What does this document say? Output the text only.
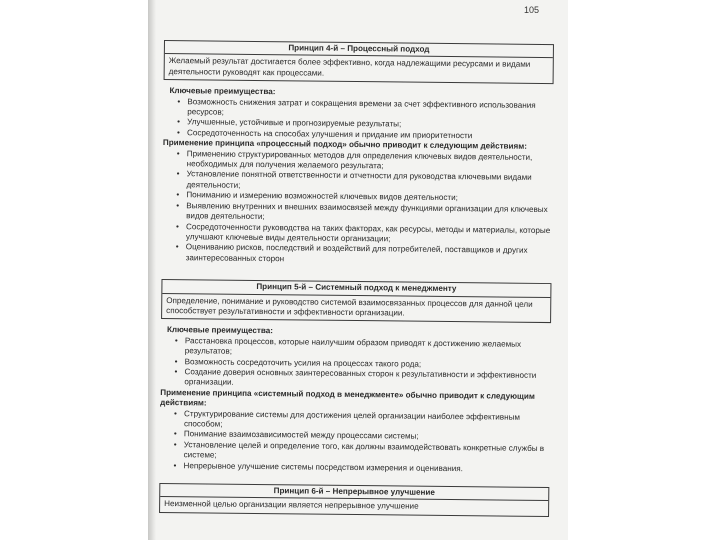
105
Принцип 4-й – Процессный подход
Желаемый результат достигается более эффективно, когда надлежащими ресурсами и видами деятельности руководят как процессами.
Ключевые преимущества:
• Возможность снижения затрат и сокращения времени за счет эффективного использования ресурсов;
• Улучшенные, устойчивые и прогнозируемые результаты;
• Сосредоточенность на способах улучшения и придание им приоритетности
Применение принципа «процессный подход» обычно приводит к следующим действиям:
• Применению структурированных методов для определения ключевых видов деятельности, необходимых для получения желаемого результата;
• Установление понятной ответственности и отчетности для руководства ключевыми видами деятельности;
• Пониманию и измерению возможностей ключевых видов деятельности;
• Выявлению внутренних и внешних взаимосвязей между функциями организации для ключевых видов деятельности;
• Сосредоточенности руководства на таких факторах, как ресурсы, методы и материалы, которые улучшают ключевые виды деятельности организации;
• Оцениванию рисков, последствий и воздействий для потребителей, поставщиков и других заинтересованных сторон
Принцип 5-й – Системный подход к менеджменту
Определение, понимание и руководство системой взаимосвязанных процессов для данной цели способствует результативности и эффективности организации.
Ключевые преимущества:
• Расстановка процессов, которые наилучшим образом приводят к достижению желаемых результатов;
• Возможность сосредоточить усилия на процессах такого рода;
• Создание доверия основных заинтересованных сторон к результативности и эффективности организации.
Применение принципа «системный подход в менеджменте» обычно приводит к следующим действиям:
• Структурирование системы для достижения целей организации наиболее эффективным способом;
• Понимание взаимозависимостей между процессами системы;
• Установление целей и определение того, как должны взаимодействовать конкретные службы в системе;
• Непрерывное улучшение системы посредством измерения и оценивания.
Принцип 6-й – Непрерывное улучшение
Неизменной целью организации является непрерывное улучшение
